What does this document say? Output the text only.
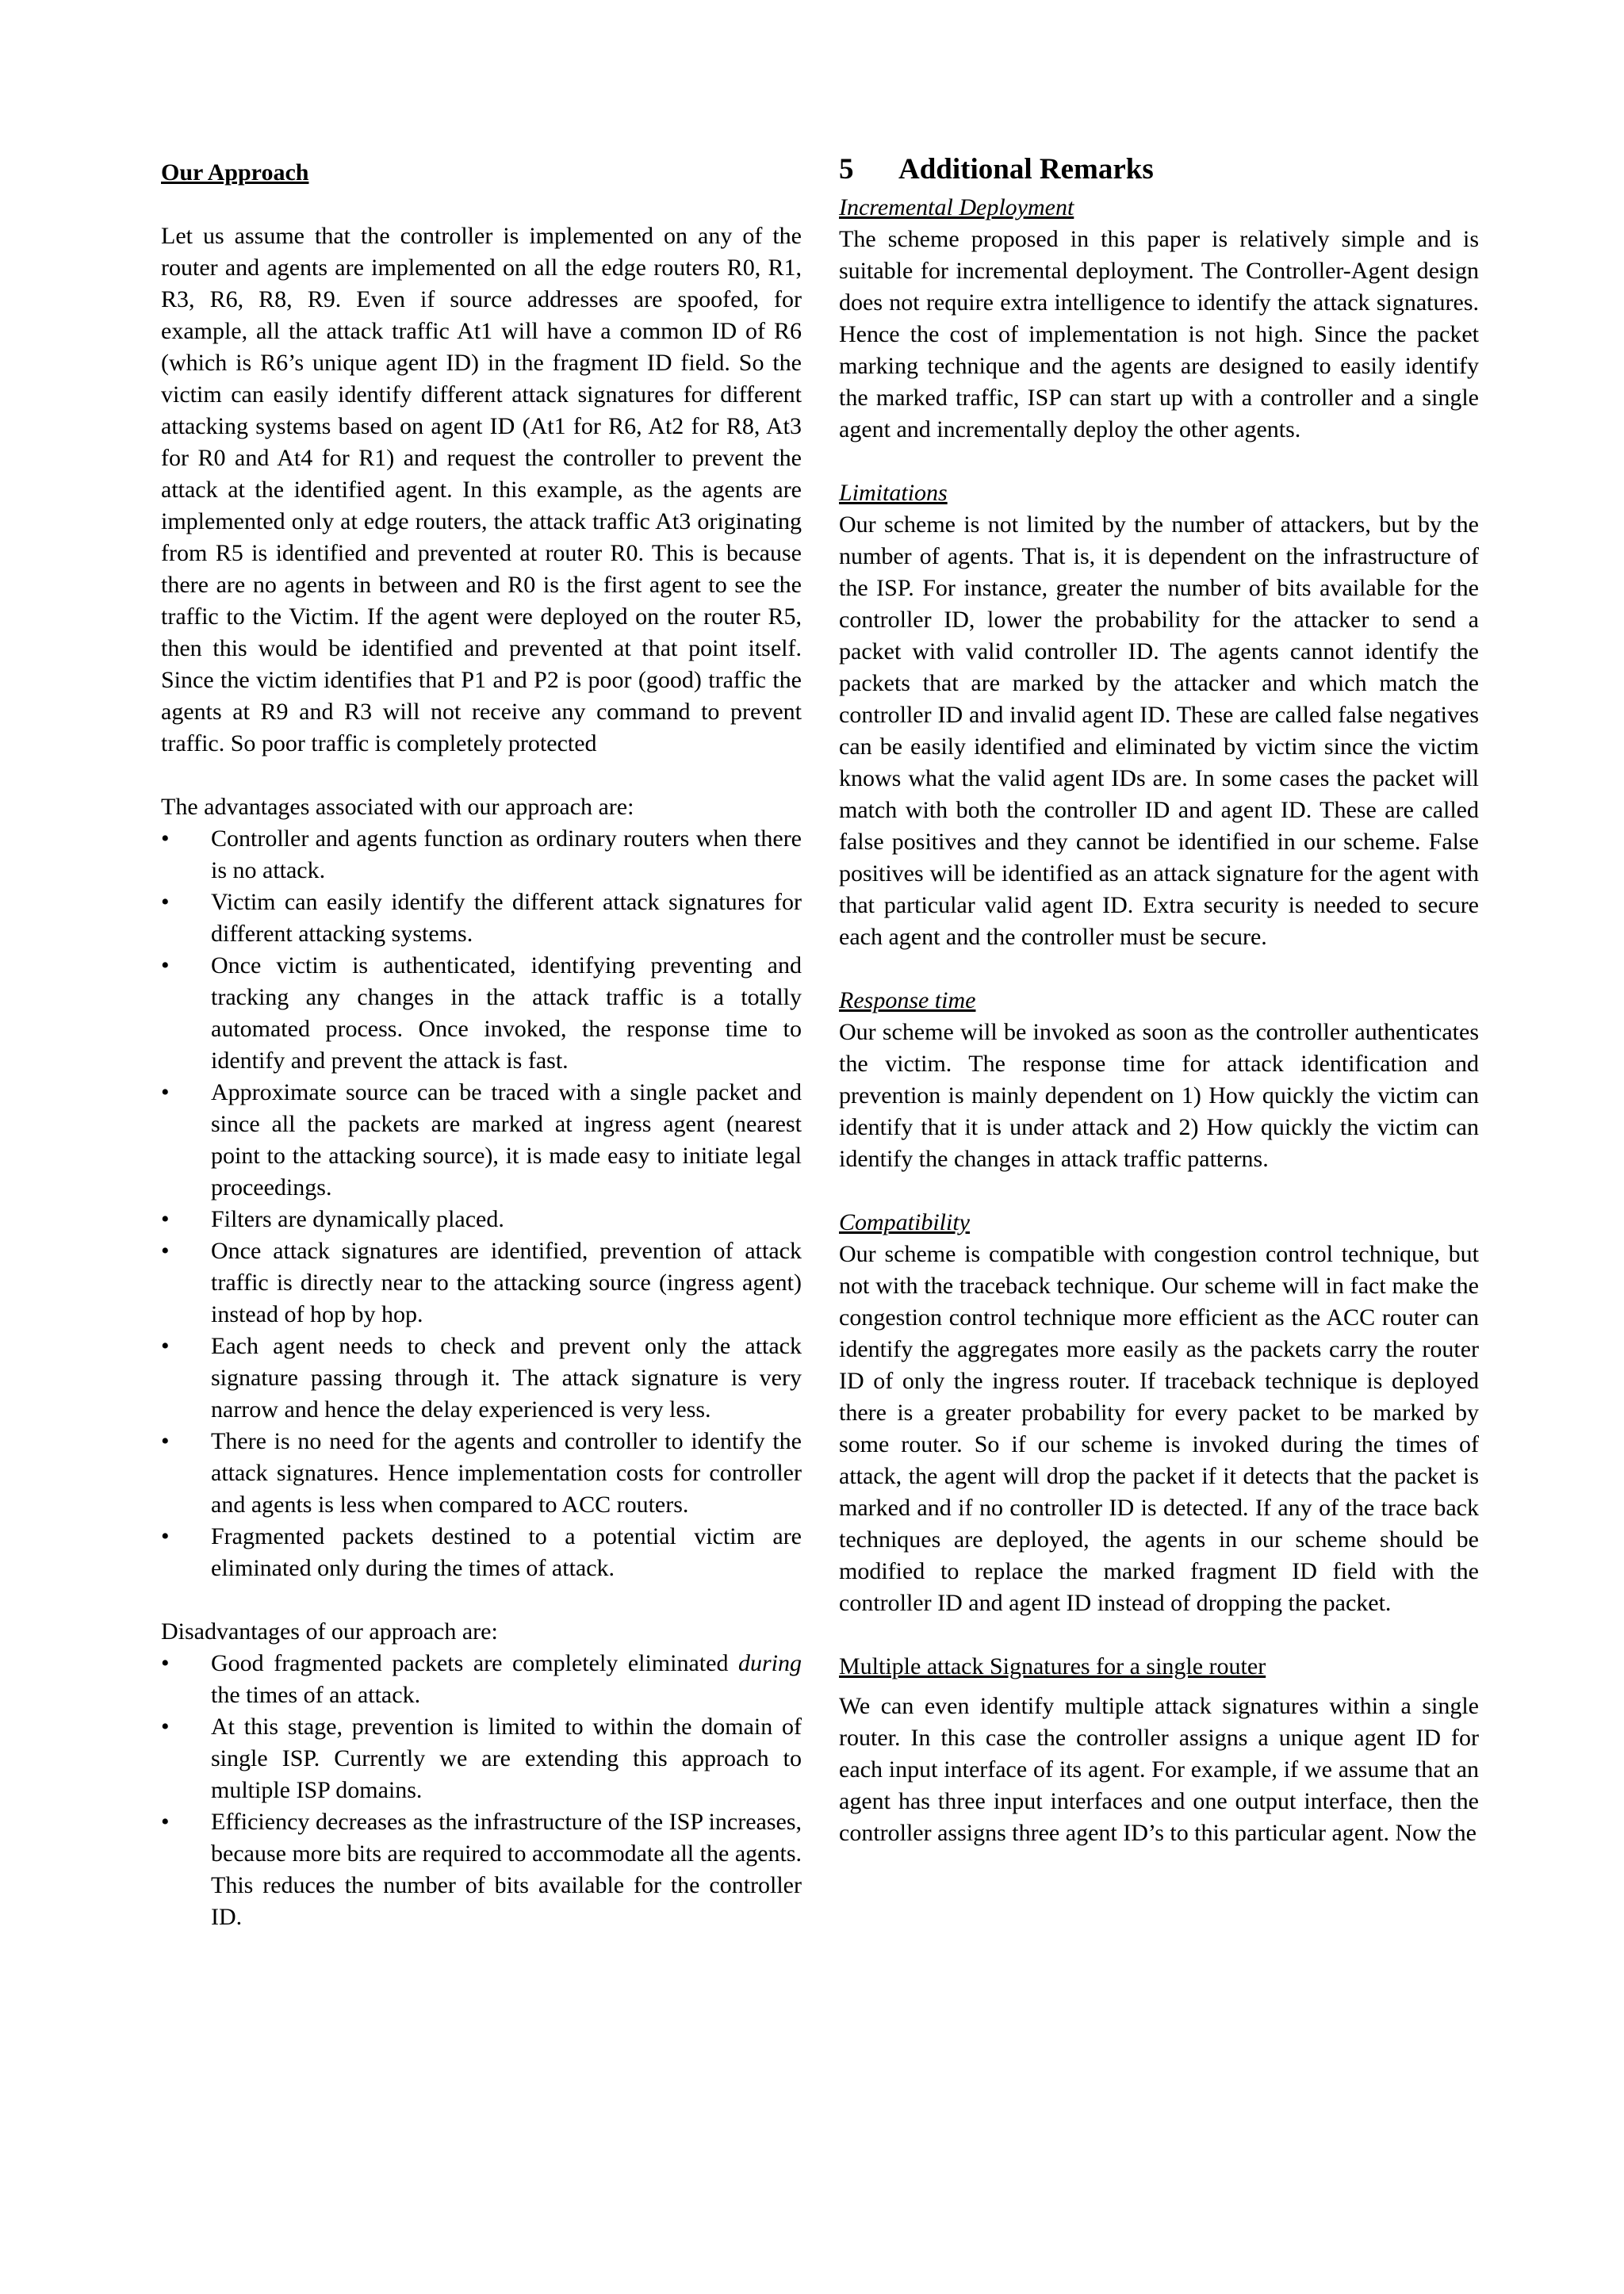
Our Approach

Let us assume that the controller is implemented on any of the router and agents are implemented on all the edge routers R0, R1, R3, R6, R8, R9. Even if source addresses are spoofed, for example, all the attack traffic At1 will have a common ID of R6 (which is R6’s unique agent ID) in the fragment ID field. So the victim can easily identify different attack signatures for different attacking systems based on agent ID (At1 for R6, At2 for R8, At3 for R0 and At4 for R1) and request the controller to prevent the attack at the identified agent. In this example, as the agents are implemented only at edge routers, the attack traffic At3 originating from R5 is identified and prevented at router R0. This is because there are no agents in between and R0 is the first agent to see the traffic to the Victim. If the agent were deployed on the router R5, then this would be identified and prevented at that point itself. Since the victim identifies that P1 and P2 is poor (good) traffic the agents at R9 and R3 will not receive any command to prevent traffic. So poor traffic is completely protected

The advantages associated with our approach are:
• Controller and agents function as ordinary routers when there is no attack.
• Victim can easily identify the different attack signatures for different attacking systems.
• Once victim is authenticated, identifying preventing and tracking any changes in the attack traffic is a totally automated process. Once invoked, the response time to identify and prevent the attack is fast.
• Approximate source can be traced with a single packet and since all the packets are marked at ingress agent (nearest point to the attacking source), it is made easy to initiate legal proceedings.
• Filters are dynamically placed.
• Once attack signatures are identified, prevention of attack traffic is directly near to the attacking source (ingress agent) instead of hop by hop.
• Each agent needs to check and prevent only the attack signature passing through it. The attack signature is very narrow and hence the delay experienced is very less.
• There is no need for the agents and controller to identify the attack signatures. Hence implementation costs for controller and agents is less when compared to ACC routers.
• Fragmented packets destined to a potential victim are eliminated only during the times of attack.
Disadvantages of our approach are:
• Good fragmented packets are completely eliminated during the times of an attack.
• At this stage, prevention is limited to within the domain of single ISP. Currently we are extending this approach to multiple ISP domains.
• Efficiency decreases as the infrastructure of the ISP increases, because more bits are required to accommodate all the agents. This reduces the number of bits available for the controller ID.
5	Additional Remarks
Incremental Deployment

The scheme proposed in this paper is relatively simple and is suitable for incremental deployment. The Controller-Agent design does not require extra intelligence to identify the attack signatures. Hence the cost of implementation is not high. Since the packet marking technique and the agents are designed to easily identify the marked traffic, ISP can start up with a controller and a single agent and incrementally deploy the other agents.

Limitations

Our scheme is not limited by the number of attackers, but by the number of agents. That is, it is dependent on the infrastructure of the ISP. For instance, greater the number of bits available for the controller ID, lower the probability for the attacker to send a packet with valid controller ID. The agents cannot identify the packets that are marked by the attacker and which match the controller ID and invalid agent ID. These are called false negatives can be easily identified and eliminated by victim since the victim knows what the valid agent IDs are. In some cases the packet will match with both the controller ID and agent ID. These are called false positives and they cannot be identified in our scheme. False positives will be identified as an attack signature for the agent with that particular valid agent ID. Extra security is needed to secure each agent and the controller must be secure.

Response time

Our scheme will be invoked as soon as the controller authenticates the victim. The response time for attack identification and prevention is mainly dependent on 1) How quickly the victim can identify that it is under attack and 2) How quickly the victim can identify the changes in attack traffic patterns.

Compatibility

Our scheme is compatible with congestion control technique, but not with the traceback technique. Our scheme will in fact make the congestion control technique more efficient as the ACC router can identify the aggregates more easily as the packets carry the router ID of only the ingress router. If traceback technique is deployed there is a greater probability for every packet to be marked by some router. So if our scheme is invoked during the times of attack, the agent will drop the packet if it detects that the packet is marked and if no controller ID is detected. If any of the trace back techniques are deployed, the agents in our scheme should be modified to replace the marked fragment ID field with the controller ID and agent ID instead of dropping the packet.

Multiple attack Signatures for a single router

We can even identify multiple attack signatures within a single router. In this case the controller assigns a unique agent ID for each input interface of its agent. For example, if we assume that an agent has three input interfaces and one output interface, then the controller assigns three agent ID’s to this particular agent. Now the
